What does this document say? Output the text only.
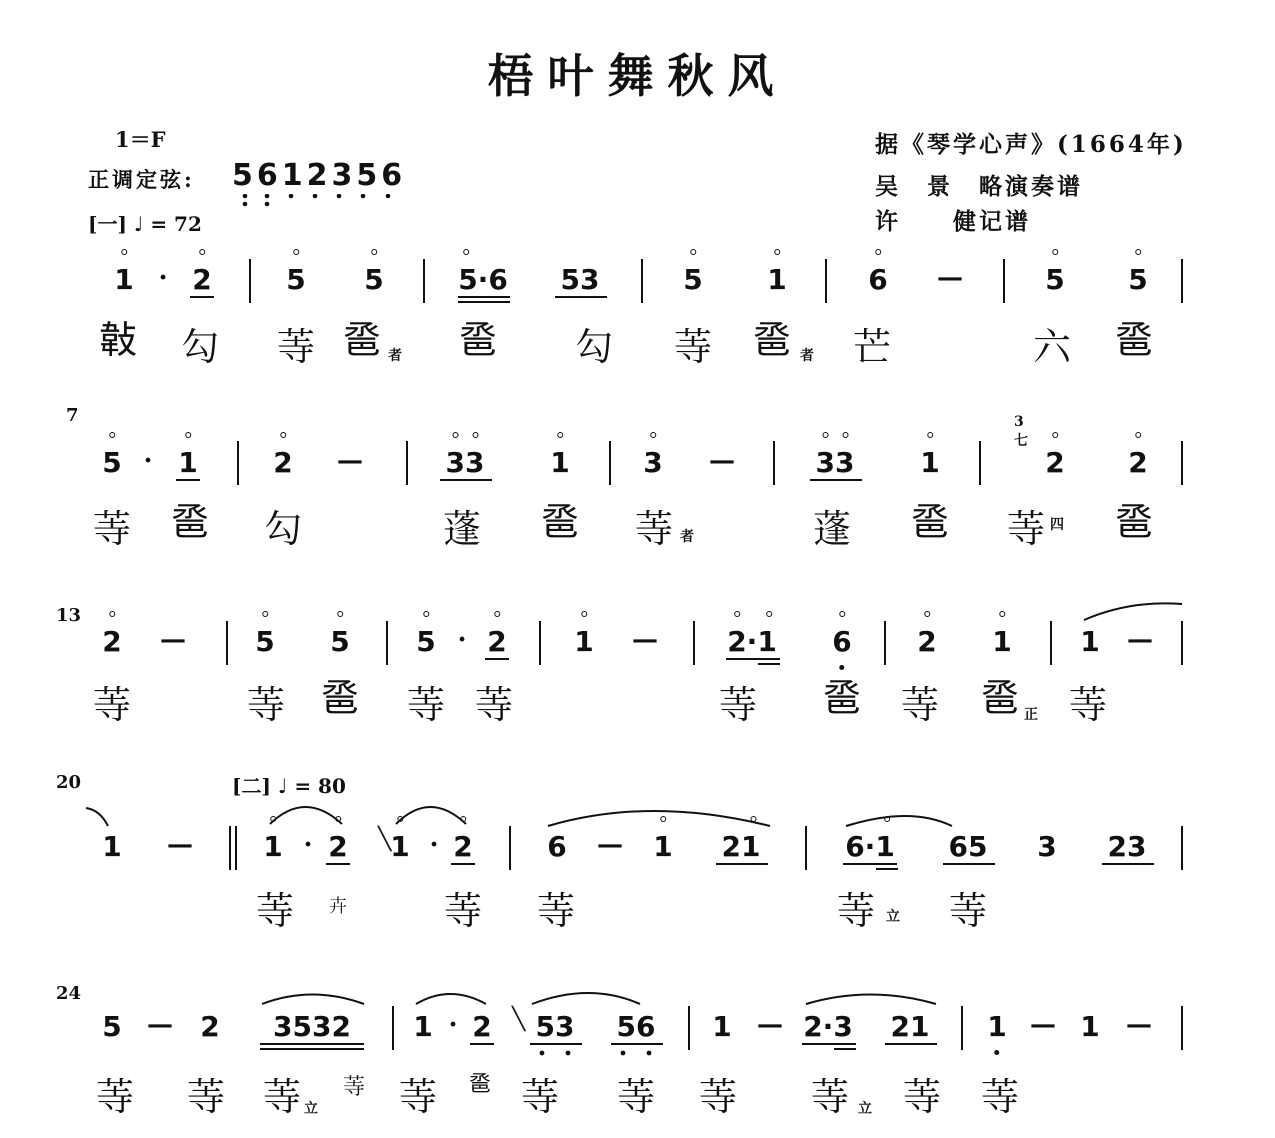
梧叶舞秋风
1＝F
正调定弦: 5612356
[一] ♩ = 72
据《琴学心声》(1664年)
吴　景　略演奏谱
许　　健记谱
7
13
20
24
[二] ♩ = 80
1 · 2	5 5	5·6 53	5 1	6 —	5 5
𢾁 勾 䓁 𢀿 者 𢀿 勾 䓁 𢀿 者 芒	六 𢀿
5 · 1	2 —	33 1	3 —	33 1
3
七
2 2
䓁 𢀿 勾	蓬 𢀿 䓁 者	蓬 𢀿 䓁 四 𢀿
2 — 5 5 5 · 2 1 — 2·1 6 2 1 1 —
䓁	䓁 𢀿 䓁 䓁	䓁 𢀿 䓁 𢀿 正 䓁
1 —	1 · 2 ╲ 1 · 2	6 — 1 21	6·1 65 3 23
䓁 卉	䓁 䓁	䓁 立 䓁
5 — 2 3532 1 · 2 ╲ 53 56 1 — 2·3 21 1 — 1 —
䓁 䓁 䓁 立
䓁 䓁 𢀿 䓁 䓁 䓁 䓁 立 䓁 䓁
